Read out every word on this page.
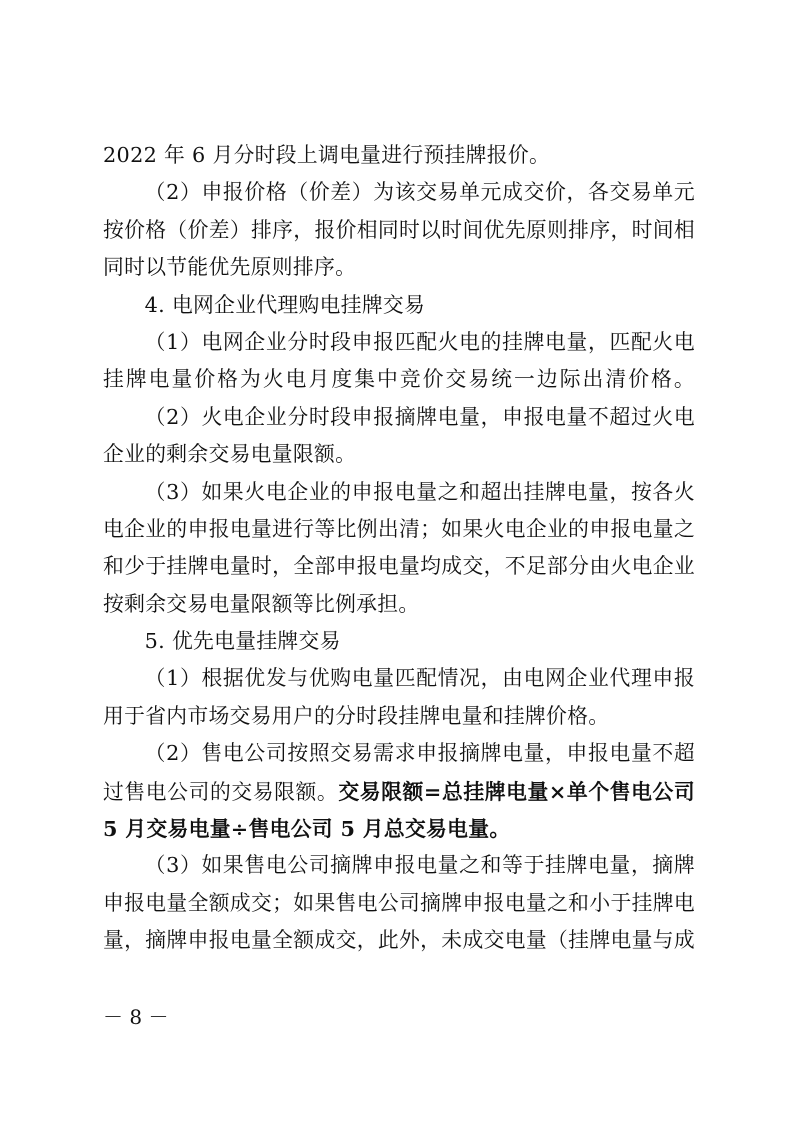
2022 年 6 月分时段上调电量进行预挂牌报价。
（2）申报价格（价差）为该交易单元成交价，各交易单元
按价格（价差）排序，报价相同时以时间优先原则排序，时间相
同时以节能优先原则排序。
4. 电网企业代理购电挂牌交易
（1）电网企业分时段申报匹配火电的挂牌电量，匹配火电
挂牌电量价格为火电月度集中竞价交易统一边际出清价格。
（2）火电企业分时段申报摘牌电量，申报电量不超过火电
企业的剩余交易电量限额。
（3）如果火电企业的申报电量之和超出挂牌电量，按各火
电企业的申报电量进行等比例出清；如果火电企业的申报电量之
和少于挂牌电量时，全部申报电量均成交，不足部分由火电企业
按剩余交易电量限额等比例承担。
5. 优先电量挂牌交易
（1）根据优发与优购电量匹配情况，由电网企业代理申报
用于省内市场交易用户的分时段挂牌电量和挂牌价格。
（2）售电公司按照交易需求申报摘牌电量，申报电量不超
过售电公司的交易限额。交易限额=总挂牌电量×单个售电公司
5 月交易电量÷售电公司 5 月总交易电量。
（3）如果售电公司摘牌申报电量之和等于挂牌电量，摘牌
申报电量全额成交；如果售电公司摘牌申报电量之和小于挂牌电
量，摘牌申报电量全额成交，此外，未成交电量（挂牌电量与成
－ 8 －
